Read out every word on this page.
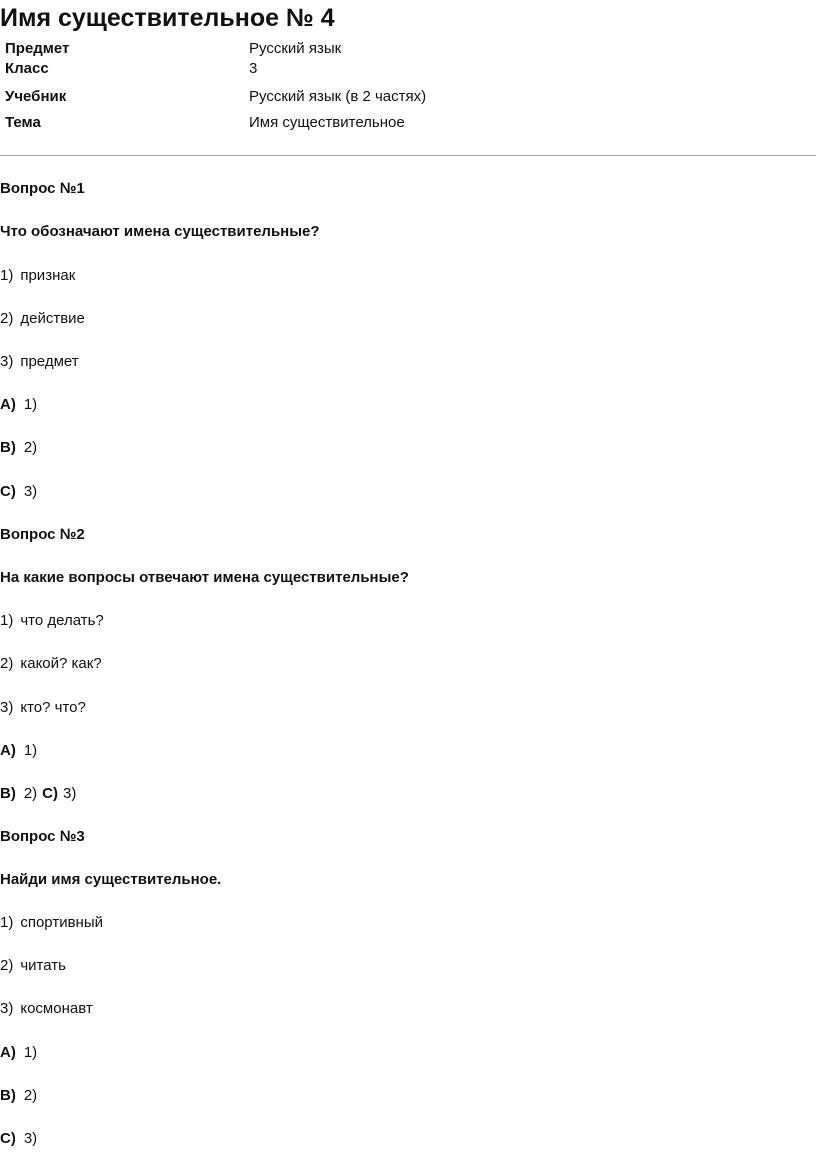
Имя существительное № 4
Предмет	Русский язык
Класс	3
Учебник	Русский язык (в 2 частях)
Тема	Имя существительное
Вопрос №1
Что обозначают имена существительные?
1) признак
2) действие
3) предмет
A) 1)
B) 2)
C) 3)
Вопрос №2
На какие вопросы отвечают имена существительные?
1) что делать?
2) какой? как?
3) кто? что?
A) 1)
B) 2) C) 3)
Вопрос №3
Найди имя существительное.
1) спортивный
2) читать
3) космонавт
A) 1)
B) 2)
C) 3)
